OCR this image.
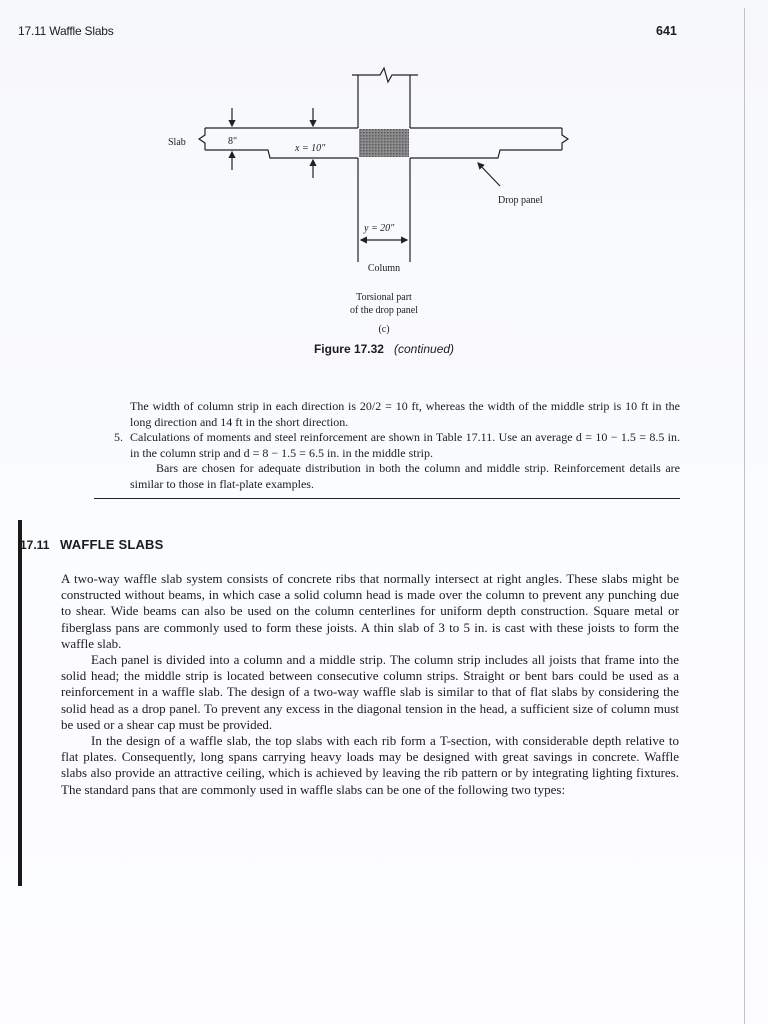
17.11 Waffle Slabs	641
Slab	8"
x = 10"
y = 20"
Drop panel
Column
Torsional part
of the drop panel
(c)
Figure 17.32 (continued)

The width of column strip in each direction is 20/2 = 10 ft, whereas the width of the middle strip is 10 ft in the long direction and 14 ft in the short direction.

5. Calculations of moments and steel reinforcement are shown in Table 17.11. Use an average d = 10 − 1.5 = 8.5 in. in the column strip and d = 8 − 1.5 = 6.5 in. in the middle strip.

Bars are chosen for adequate distribution in both the column and middle strip. Reinforcement details are similar to those in flat-plate examples.

17.11 WAFFLE SLABS

A two-way waffle slab system consists of concrete ribs that normally intersect at right angles. These slabs might be constructed without beams, in which case a solid column head is made over the column to prevent any punching due to shear. Wide beams can also be used on the column centerlines for uniform depth construction. Square metal or fiberglass pans are commonly used to form these joists. A thin slab of 3 to 5 in. is cast with these joists to form the waffle slab.

Each panel is divided into a column and a middle strip. The column strip includes all joists that frame into the solid head; the middle strip is located between consecutive column strips. Straight or bent bars could be used as a reinforcement in a waffle slab. The design of a two-way waffle slab is similar to that of flat slabs by considering the solid head as a drop panel. To prevent any excess in the diagonal tension in the head, a sufficient size of column must be used or a shear cap must be provided.

In the design of a waffle slab, the top slabs with each rib form a T-section, with considerable depth relative to flat plates. Consequently, long spans carrying heavy loads may be designed with great savings in concrete. Waffle slabs also provide an attractive ceiling, which is achieved by leaving the rib pattern or by integrating lighting fixtures. The standard pans that are commonly used in waffle slabs can be one of the following two types:
